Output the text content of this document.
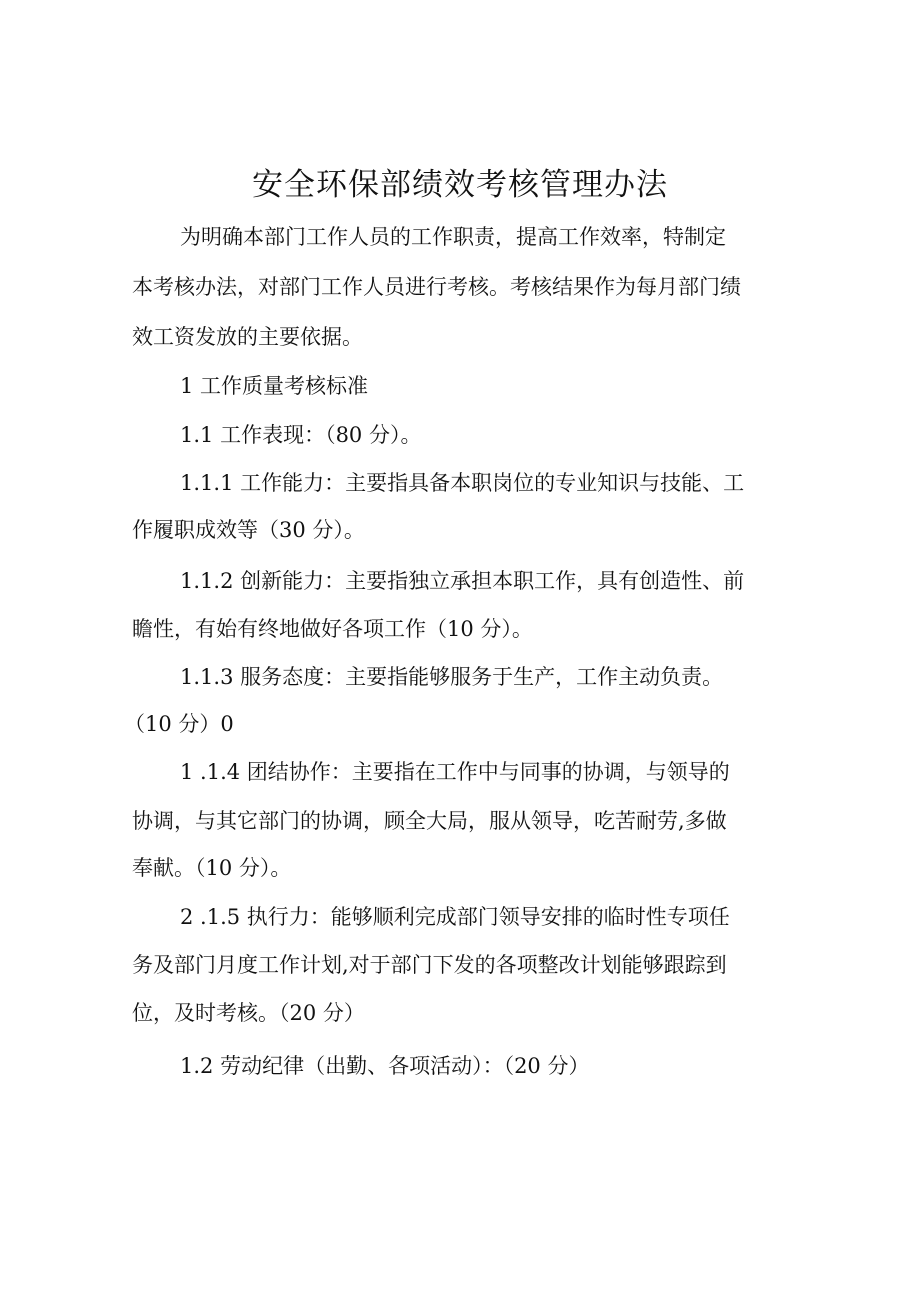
安全环保部绩效考核管理办法
为明确本部门工作人员的工作职责，提高工作效率，特制定
本考核办法，对部门工作人员进行考核。考核结果作为每月部门绩
效工资发放的主要依据。
1 工作质量考核标准
1.1 工作表现：（80 分）。
1.1.1 工作能力：主要指具备本职岗位的专业知识与技能、工
作履职成效等（30 分）。
1.1.2 创新能力：主要指独立承担本职工作，具有创造性、前
瞻性，有始有终地做好各项工作（10 分）。
1.1.3 服务态度：主要指能够服务于生产，工作主动负责。
（10 分）0
1 .1.4 团结协作：主要指在工作中与同事的协调，与领导的
协调，与其它部门的协调，顾全大局，服从领导，吃苦耐劳,多做
奉献。（10 分）。
2 .1.5 执行力：能够顺利完成部门领导安排的临时性专项任
务及部门月度工作计划,对于部门下发的各项整改计划能够跟踪到
位，及时考核。（20 分）
1.2 劳动纪律（出勤、各项活动）：（20 分）
